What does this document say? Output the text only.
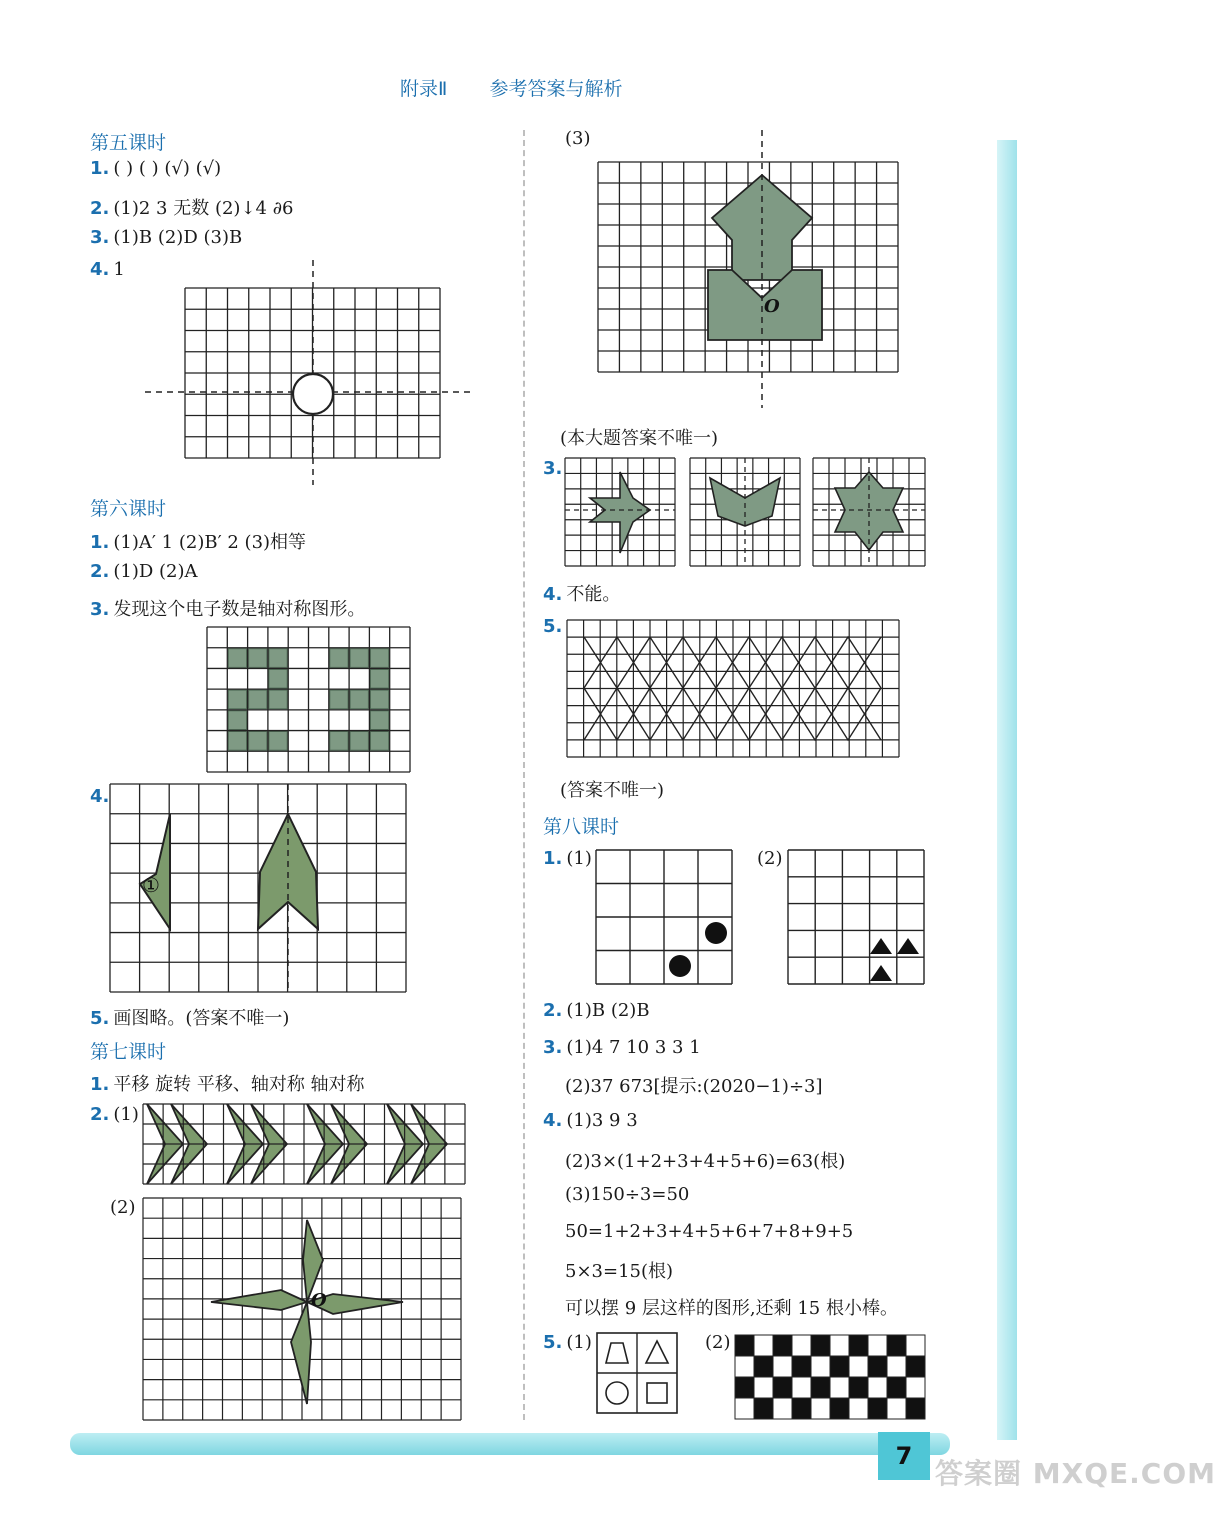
7
答案圈 MXQE.COM
附录Ⅱ 参考答案与解析
第五课时
1. ( ) ( ) (√) (√)
2. (1)2 3 无数 (2)↓4 ∂6
3. (1)B (2)D (3)B
4. 1
第六课时
1. (1)A′ 1 (2)B′ 2 (3)相等
2. (1)D (2)A
3. 发现这个电子数是轴对称图形。
4.
①
5. 画图略。(答案不唯一)
第七课时
1. 平移 旋转 平移、轴对称 轴对称
2. (1)
(2)
O
(3)
O
(本大题答案不唯一)
3.
4. 不能。
5.
(答案不唯一)
第八课时
1. (1)	(2)
2. (1)B (2)B
3. (1)4 7 10 3 3 1
(2)37 673[提示:(2020−1)÷3]
4. (1)3 9 3
(2)3×(1+2+3+4+5+6)=63(根)
(3)150÷3=50
50=1+2+3+4+5+6+7+8+9+5
5×3=15(根)
可以摆 9 层这样的图形,还剩 15 根小棒。
5. (1)	(2)
